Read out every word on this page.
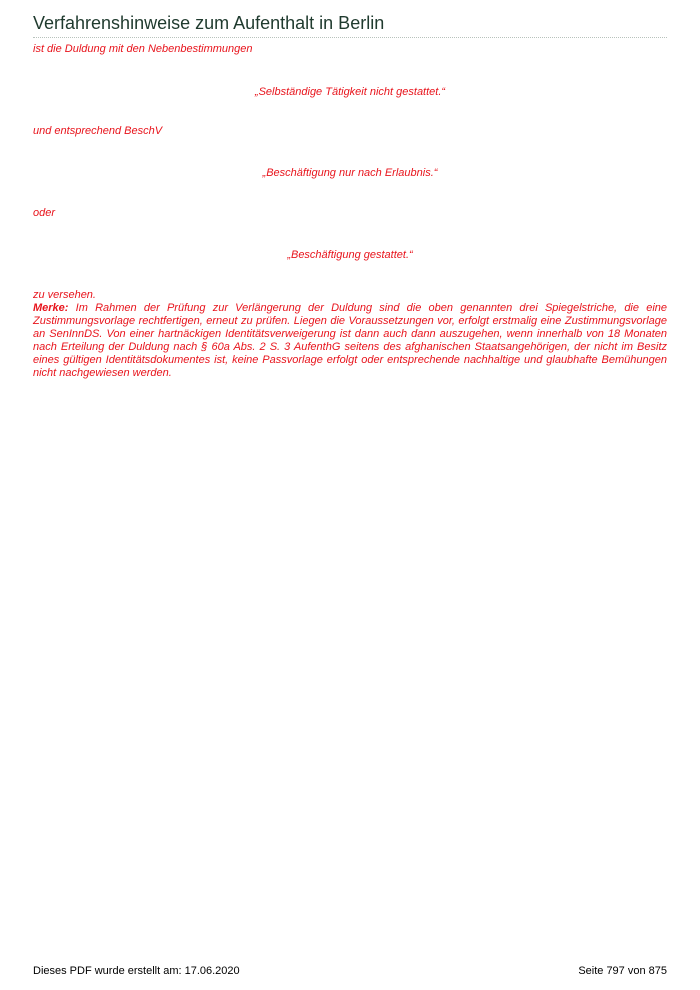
Verfahrenshinweise zum Aufenthalt in Berlin

ist die Duldung mit den Nebenbestimmungen

„Selbständige Tätigkeit nicht gestattet.“

und entsprechend BeschV

„Beschäftigung nur nach Erlaubnis.“

oder

„Beschäftigung gestattet.“

zu versehen.

Merke: Im Rahmen der Prüfung zur Verlängerung der Duldung sind die oben genannten drei Spiegelstriche, die eine Zustimmungsvorlage rechtfertigen, erneut zu prüfen. Liegen die Voraussetzungen vor, erfolgt erstmalig eine Zustimmungsvorlage an SenInnDS. Von einer hartnäckigen Identitätsverweigerung ist dann auch dann auszugehen, wenn innerhalb von 18 Monaten nach Erteilung der Duldung nach § 60a Abs. 2 S. 3 AufenthG seitens des afghanischen Staatsangehörigen, der nicht im Besitz eines gültigen Identitätsdokumentes ist, keine Passvorlage erfolgt oder entsprechende nachhaltige und glaubhafte Bemühungen nicht nachgewiesen werden.

Dieses PDF wurde erstellt am: 17.06.2020	Seite 797 von 875
